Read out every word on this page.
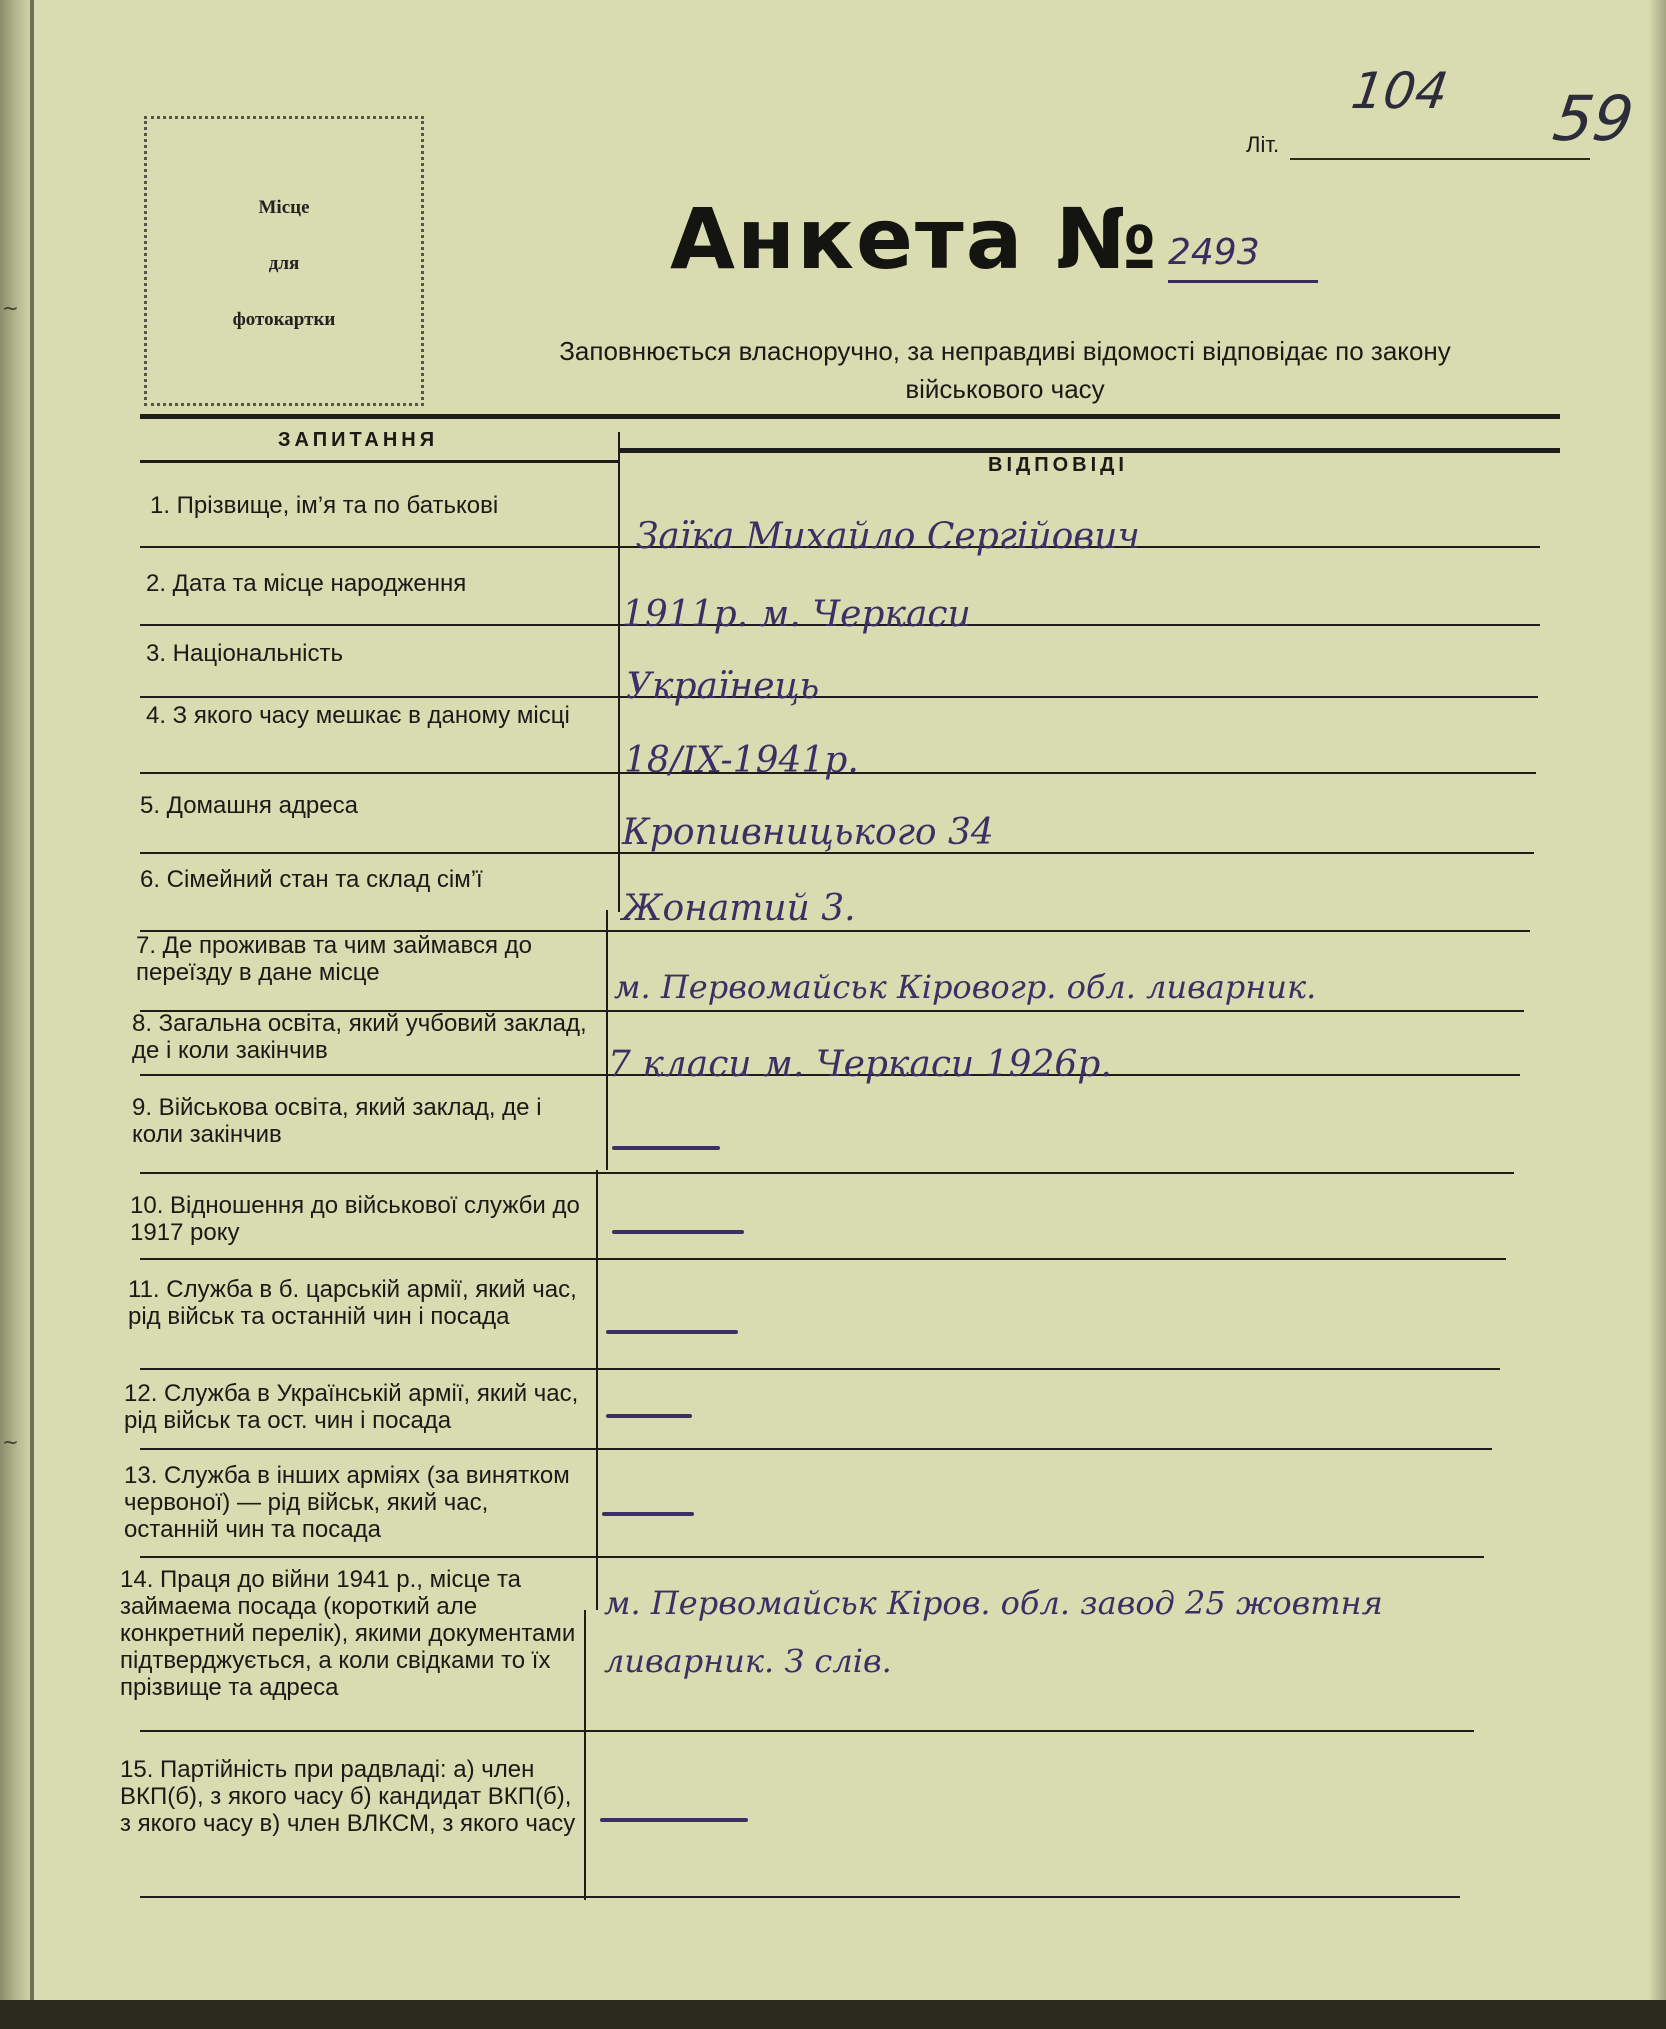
104 59
Літ.
Місце
для
фотокартки
Анкета № 2493
Заповнюється власноручно, за неправдиві відомості відповідає по закону
військового часу
ЗАПИТАННЯ
ВІДПОВІДІ
1. Прізвище, ім’я та по батькові
2. Дата та місце народження
3. Національність
4. З якого часу мешкає в даному місці
5. Домашня адреса
6. Сімейний стан та склад сім’ї
7. Де проживав та чим займався до переїзду в дане місце
8. Загальна освіта, який учбовий заклад, де і коли закінчив
9. Військова освіта, який заклад, де і коли закінчив
10. Відношення до військової служби до 1917 року
11. Служба в б. царській армії, який час, рід військ та останній чин і посада
12. Служба в Українській армії, який час, рід військ та ост. чин і посада
13. Служба в інших арміях (за винятком червоної) — рід військ, який час, останній чин та посада
14. Праця до війни 1941 р., місце та займаема посада (короткий але конкретний перелік), якими документами підтверджується, а коли свідками то їх прізвище та адреса
15. Партійність при радвладі: а) член ВКП(б), з якого часу б) кандидат ВКП(б), з якого часу в) член ВЛКСМ, з якого часу
Заїка Михайло Сергійович
1911р. м. Черкаси
Українець
18/IX-1941р.
Кропивницького 34
Жонатий 3.
м. Первомайськ Кіровогр. обл. ливарник.
7 класи м. Черкаси 1926р.
м. Первомайськ Кіров. обл. завод 25 жовтня ливарник. З слів.
~
~
